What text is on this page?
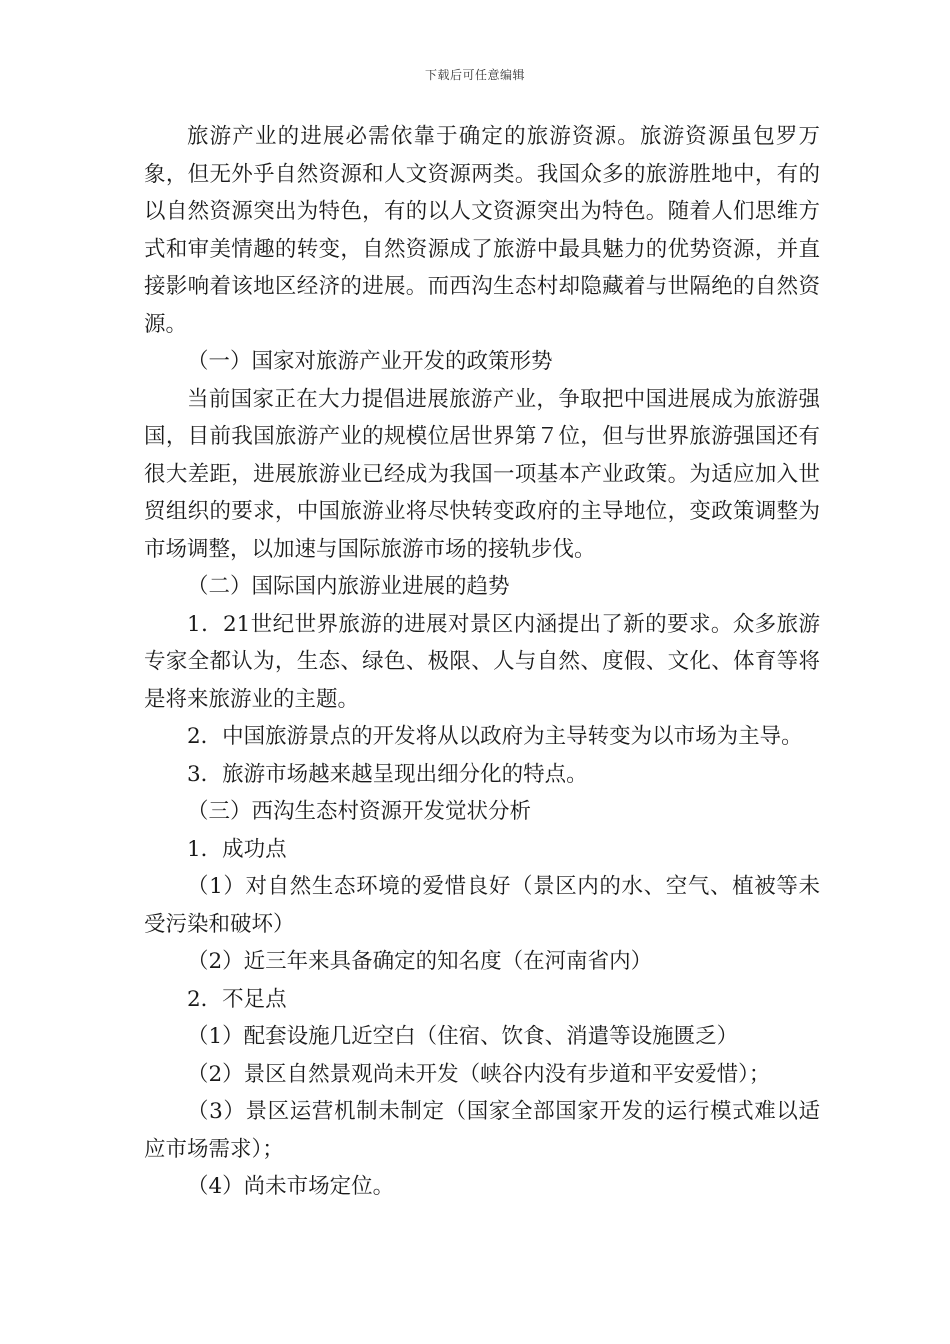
下载后可任意编辑

旅游产业的进展必需依靠于确定的旅游资源。旅游资源虽包罗万象，但无外乎自然资源和人文资源两类。我国众多的旅游胜地中，有的以自然资源突出为特色，有的以人文资源突出为特色。随着人们思维方式和审美情趣的转变，自然资源成了旅游中最具魅力的优势资源，并直接影响着该地区经济的进展。而西沟生态村却隐藏着与世隔绝的自然资源。

（一）国家对旅游产业开发的政策形势

当前国家正在大力提倡进展旅游产业，争取把中国进展成为旅游强国，目前我国旅游产业的规模位居世界第７位，但与世界旅游强国还有很大差距，进展旅游业已经成为我国一项基本产业政策。为适应加入世贸组织的要求，中国旅游业将尽快转变政府的主导地位，变政策调整为市场调整，以加速与国际旅游市场的接轨步伐。

（二）国际国内旅游业进展的趋势

1．21世纪世界旅游的进展对景区内涵提出了新的要求。众多旅游专家全都认为，生态、绿色、极限、人与自然、度假、文化、体育等将是将来旅游业的主题。

2．中国旅游景点的开发将从以政府为主导转变为以市场为主导。

3．旅游市场越来越呈现出细分化的特点。

（三）西沟生态村资源开发觉状分析

1．成功点

（1）对自然生态环境的爱惜良好（景区内的水、空气、植被等未受污染和破坏）

（2）近三年来具备确定的知名度（在河南省内）

2．不足点

（1）配套设施几近空白（住宿、饮食、消遣等设施匮乏）

（2）景区自然景观尚未开发（峡谷内没有步道和平安爱惜）；

（3）景区运营机制未制定（国家全部国家开发的运行模式难以适应市场需求）；

（4）尚未市场定位。
